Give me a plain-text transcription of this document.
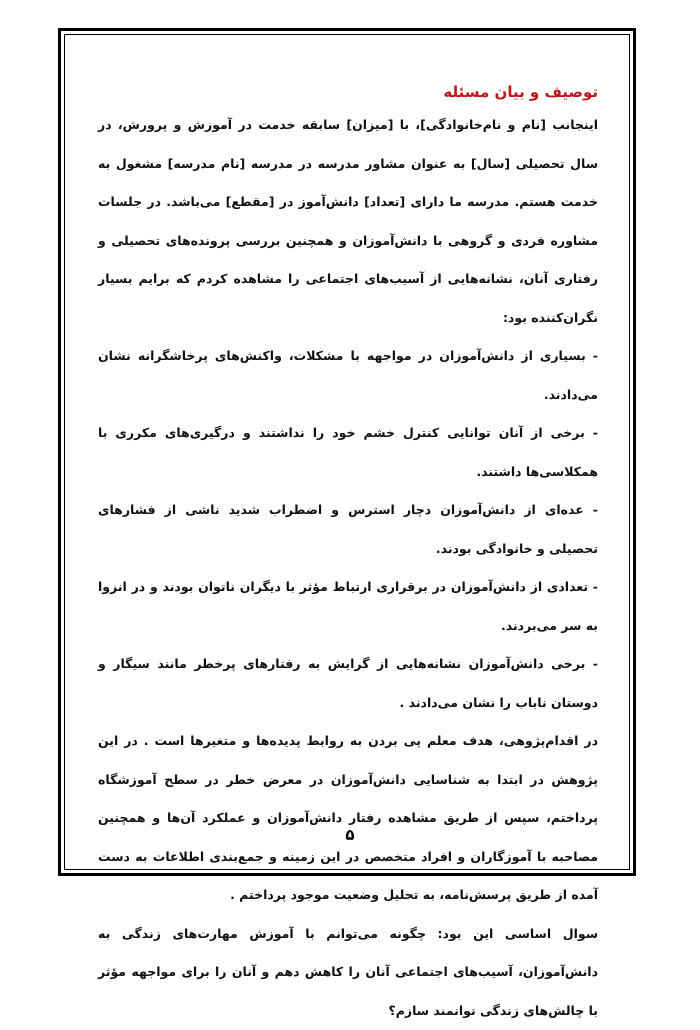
توصیف و بیان مسئله

اینجانب [نام و نام‌خانوادگی]، با [میزان] سابقه خدمت در آموزش و پرورش، در سال تحصیلی [سال] به عنوان مشاور مدرسه در مدرسه [نام مدرسه] مشغول به خدمت هستم. مدرسه ما دارای [تعداد] دانش‌آموز در [مقطع] می‌باشد. در جلسات مشاوره فردی و گروهی با دانش‌آموزان و همچنین بررسی پرونده‌های تحصیلی و رفتاری آنان، نشانه‌هایی از آسیب‌های اجتماعی را مشاهده کردم که برایم بسیار نگران‌کننده بود:

- بسیاری از دانش‌آموزان در مواجهه با مشکلات، واکنش‌های پرخاشگرانه نشان می‌دادند.

- برخی از آنان توانایی کنترل خشم خود را نداشتند و درگیری‌های مکرری با همکلاسی‌ها داشتند.

- عده‌ای از دانش‌آموزان دچار استرس و اضطراب شدید ناشی از فشارهای تحصیلی و خانوادگی بودند.

- تعدادی از دانش‌آموزان در برقراری ارتباط مؤثر با دیگران ناتوان بودند و در انزوا به سر می‌بردند.

- برخی دانش‌آموزان نشانه‌هایی از گرایش به رفتارهای پرخطر مانند سیگار و دوستان ناباب را نشان می‌دادند .

در اقدام‌پژوهی، هدف معلم پی بردن به روابط پدیده‌ها و متغیرها است . در این پژوهش در ابتدا به شناسایی دانش‌آموزان در معرض خطر در سطح آموزشگاه پرداختم، سپس از طریق مشاهده رفتار دانش‌آموزان و عملکرد آن‌ها و همچنین مصاحبه با آموزگاران و افراد متخصص در این زمینه و جمع‌بندی اطلاعات به دست آمده از طریق پرسش‌نامه، به تحلیل وضعیت موجود پرداختم .

سوال اساسی این بود: چگونه می‌توانم با آموزش مهارت‌های زندگی به دانش‌آموزان، آسیب‌های اجتماعی آنان را کاهش دهم و آنان را برای مواجهه مؤثر با چالش‌های زندگی توانمند سازم؟

۵
